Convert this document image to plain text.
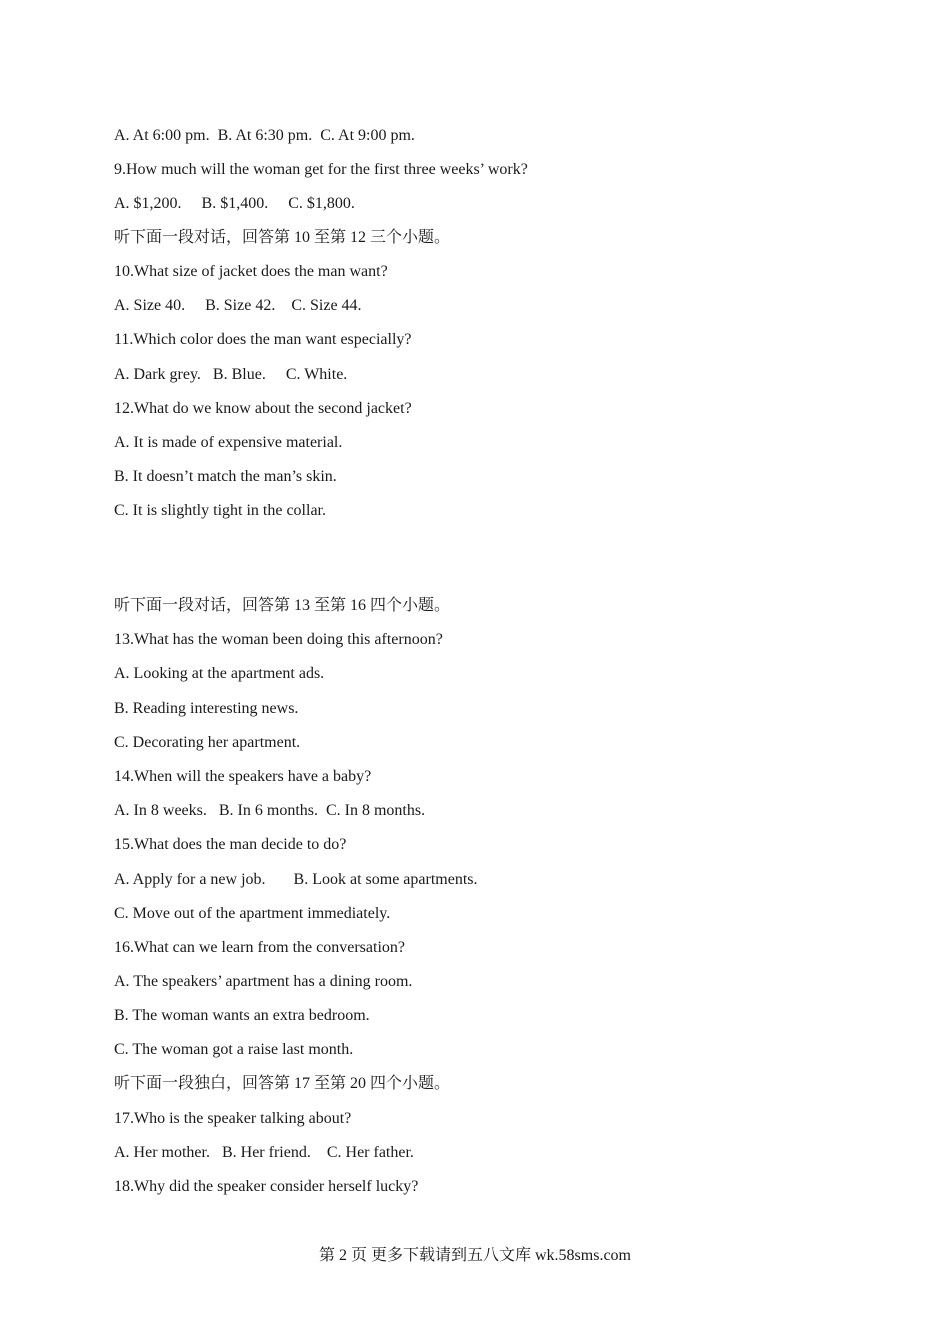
A. At 6:00 pm.  B. At 6:30 pm.  C. At 9:00 pm.
9.How much will the woman get for the first three weeks’ work?
A. $1,200.     B. $1,400.     C. $1,800.
听下面一段对话，回答第 10 至第 12 三个小题。
10.What size of jacket does the man want?
A. Size 40.     B. Size 42.    C. Size 44.
11.Which color does the man want especially?
A. Dark grey.   B. Blue.     C. White.
12.What do we know about the second jacket?
A. It is made of expensive material.
B. It doesn’t match the man’s skin.
C. It is slightly tight in the collar.
听下面一段对话，回答第 13 至第 16 四个小题。
13.What has the woman been doing this afternoon?
A. Looking at the apartment ads.
B. Reading interesting news.
C. Decorating her apartment.
14.When will the speakers have a baby?
A. In 8 weeks.   B. In 6 months.  C. In 8 months.
15.What does the man decide to do?
A. Apply for a new job.       B. Look at some apartments.
C. Move out of the apartment immediately.
16.What can we learn from the conversation?
A. The speakers’ apartment has a dining room.
B. The woman wants an extra bedroom.
C. The woman got a raise last month.
听下面一段独白，回答第 17 至第 20 四个小题。
17.Who is the speaker talking about?
A. Her mother.   B. Her friend.    C. Her father.
18.Why did the speaker consider herself lucky?
第 2 页 更多下载请到五八文库 wk.58sms.com
